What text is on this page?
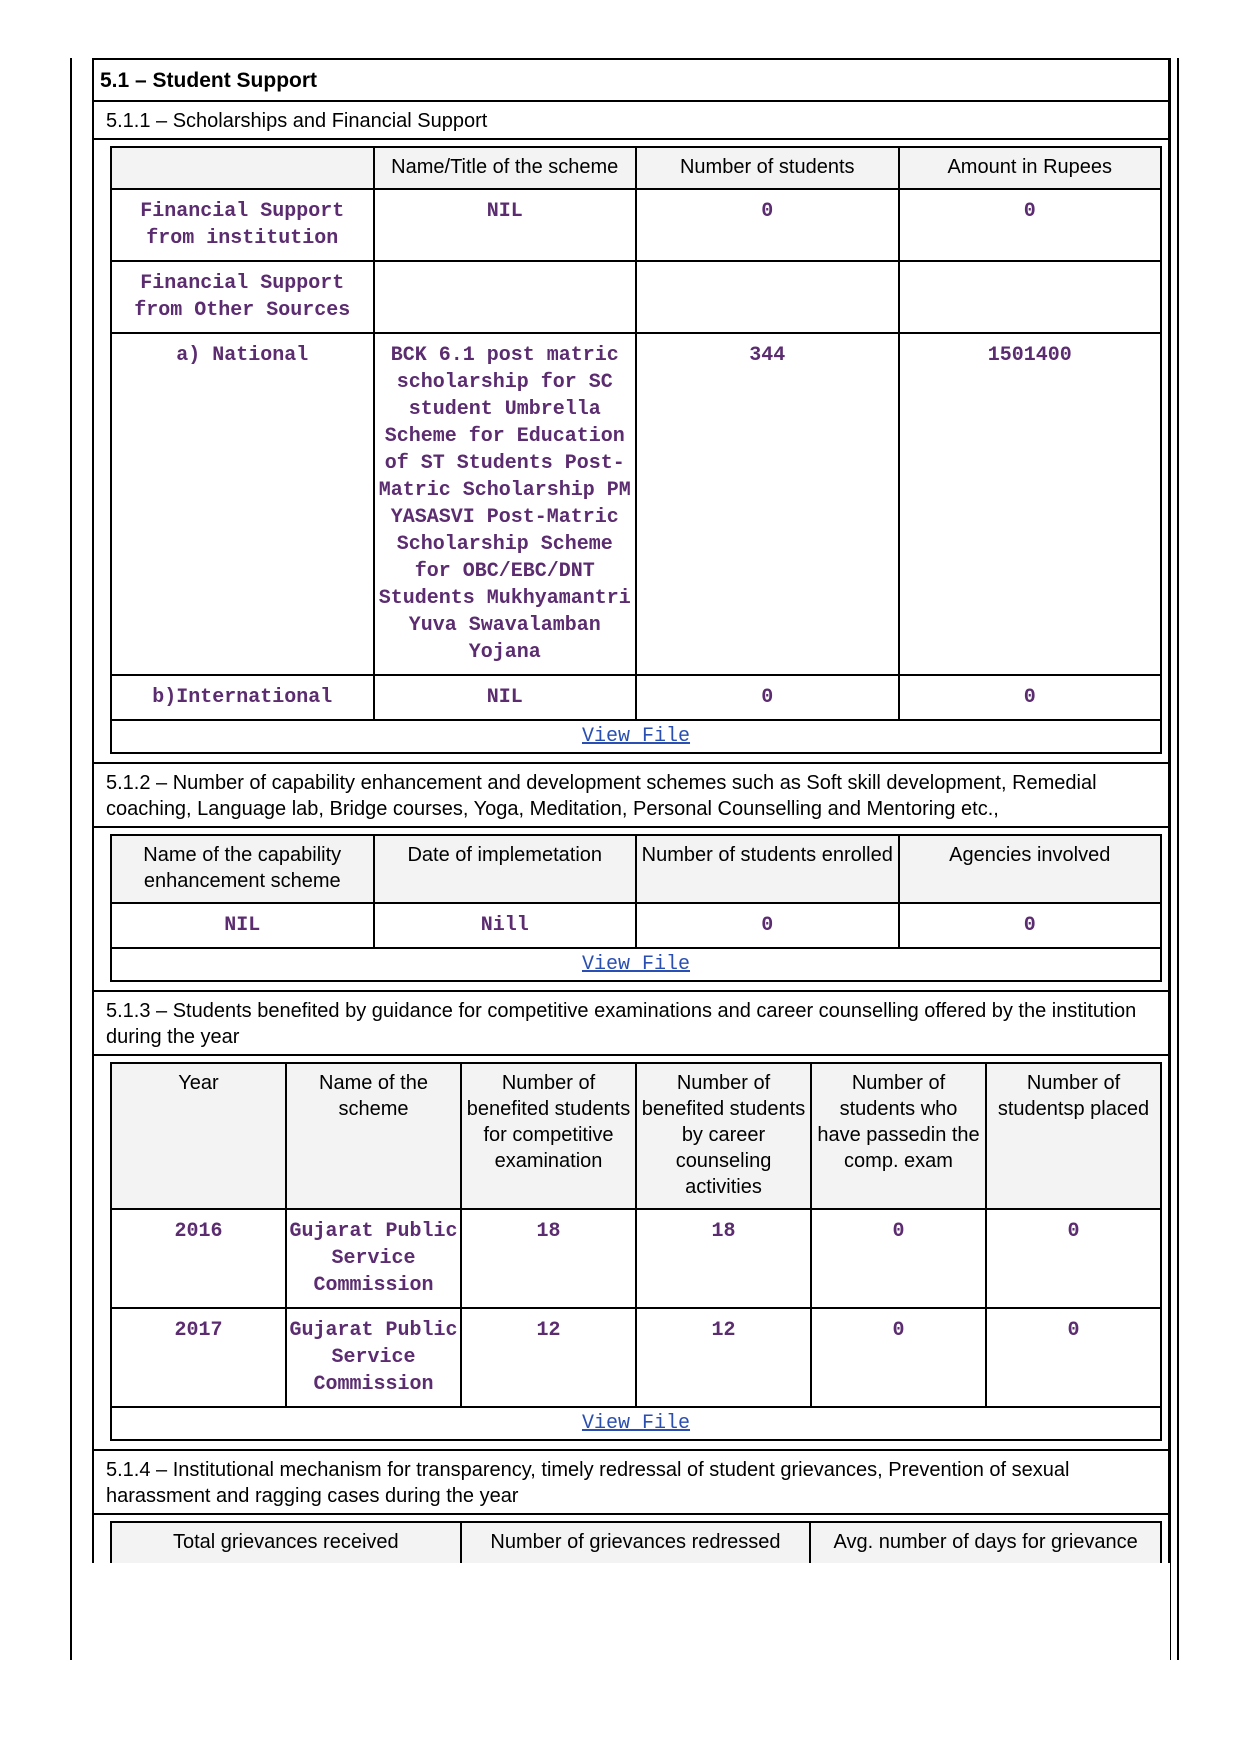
5.1 – Student Support
5.1.1 – Scholarships and Financial Support
	Name/Title of the scheme	Number of students	Amount in Rupees
Financial Support from institution	NIL	0	0
Financial Support from Other Sources			
a) National	BCK 6.1 post matric scholarship for SC student Umbrella Scheme for Education of ST Students Post-Matric Scholarship PM YASASVI Post-Matric Scholarship Scheme for OBC/EBC/DNT Students Mukhyamantri Yuva Swavalamban Yojana	344	1501400
b)International	NIL	0	0
View File			
5.1.2 – Number of capability enhancement and development schemes such as Soft skill development, Remedial coaching, Language lab, Bridge courses, Yoga, Meditation, Personal Counselling and Mentoring etc.,
Name of the capability enhancement scheme	Date of implemetation	Number of students enrolled	Agencies involved
NIL	Nill	0	0
View File			
5.1.3 – Students benefited by guidance for competitive examinations and career counselling offered by the institution during the year
Year	Name of the scheme	Number of benefited students for competitive examination	Number of benefited students by career counseling activities	Number of students who have passedin the comp. exam	Number of studentsp placed
2016	Gujarat Public Service Commission	18	18	0	0
2017	Gujarat Public Service Commission	12	12	0	0
View File					
5.1.4 – Institutional mechanism for transparency, timely redressal of student grievances, Prevention of sexual harassment and ragging cases during the year
Total grievances received	Number of grievances redressed	Avg. number of days for grievance
